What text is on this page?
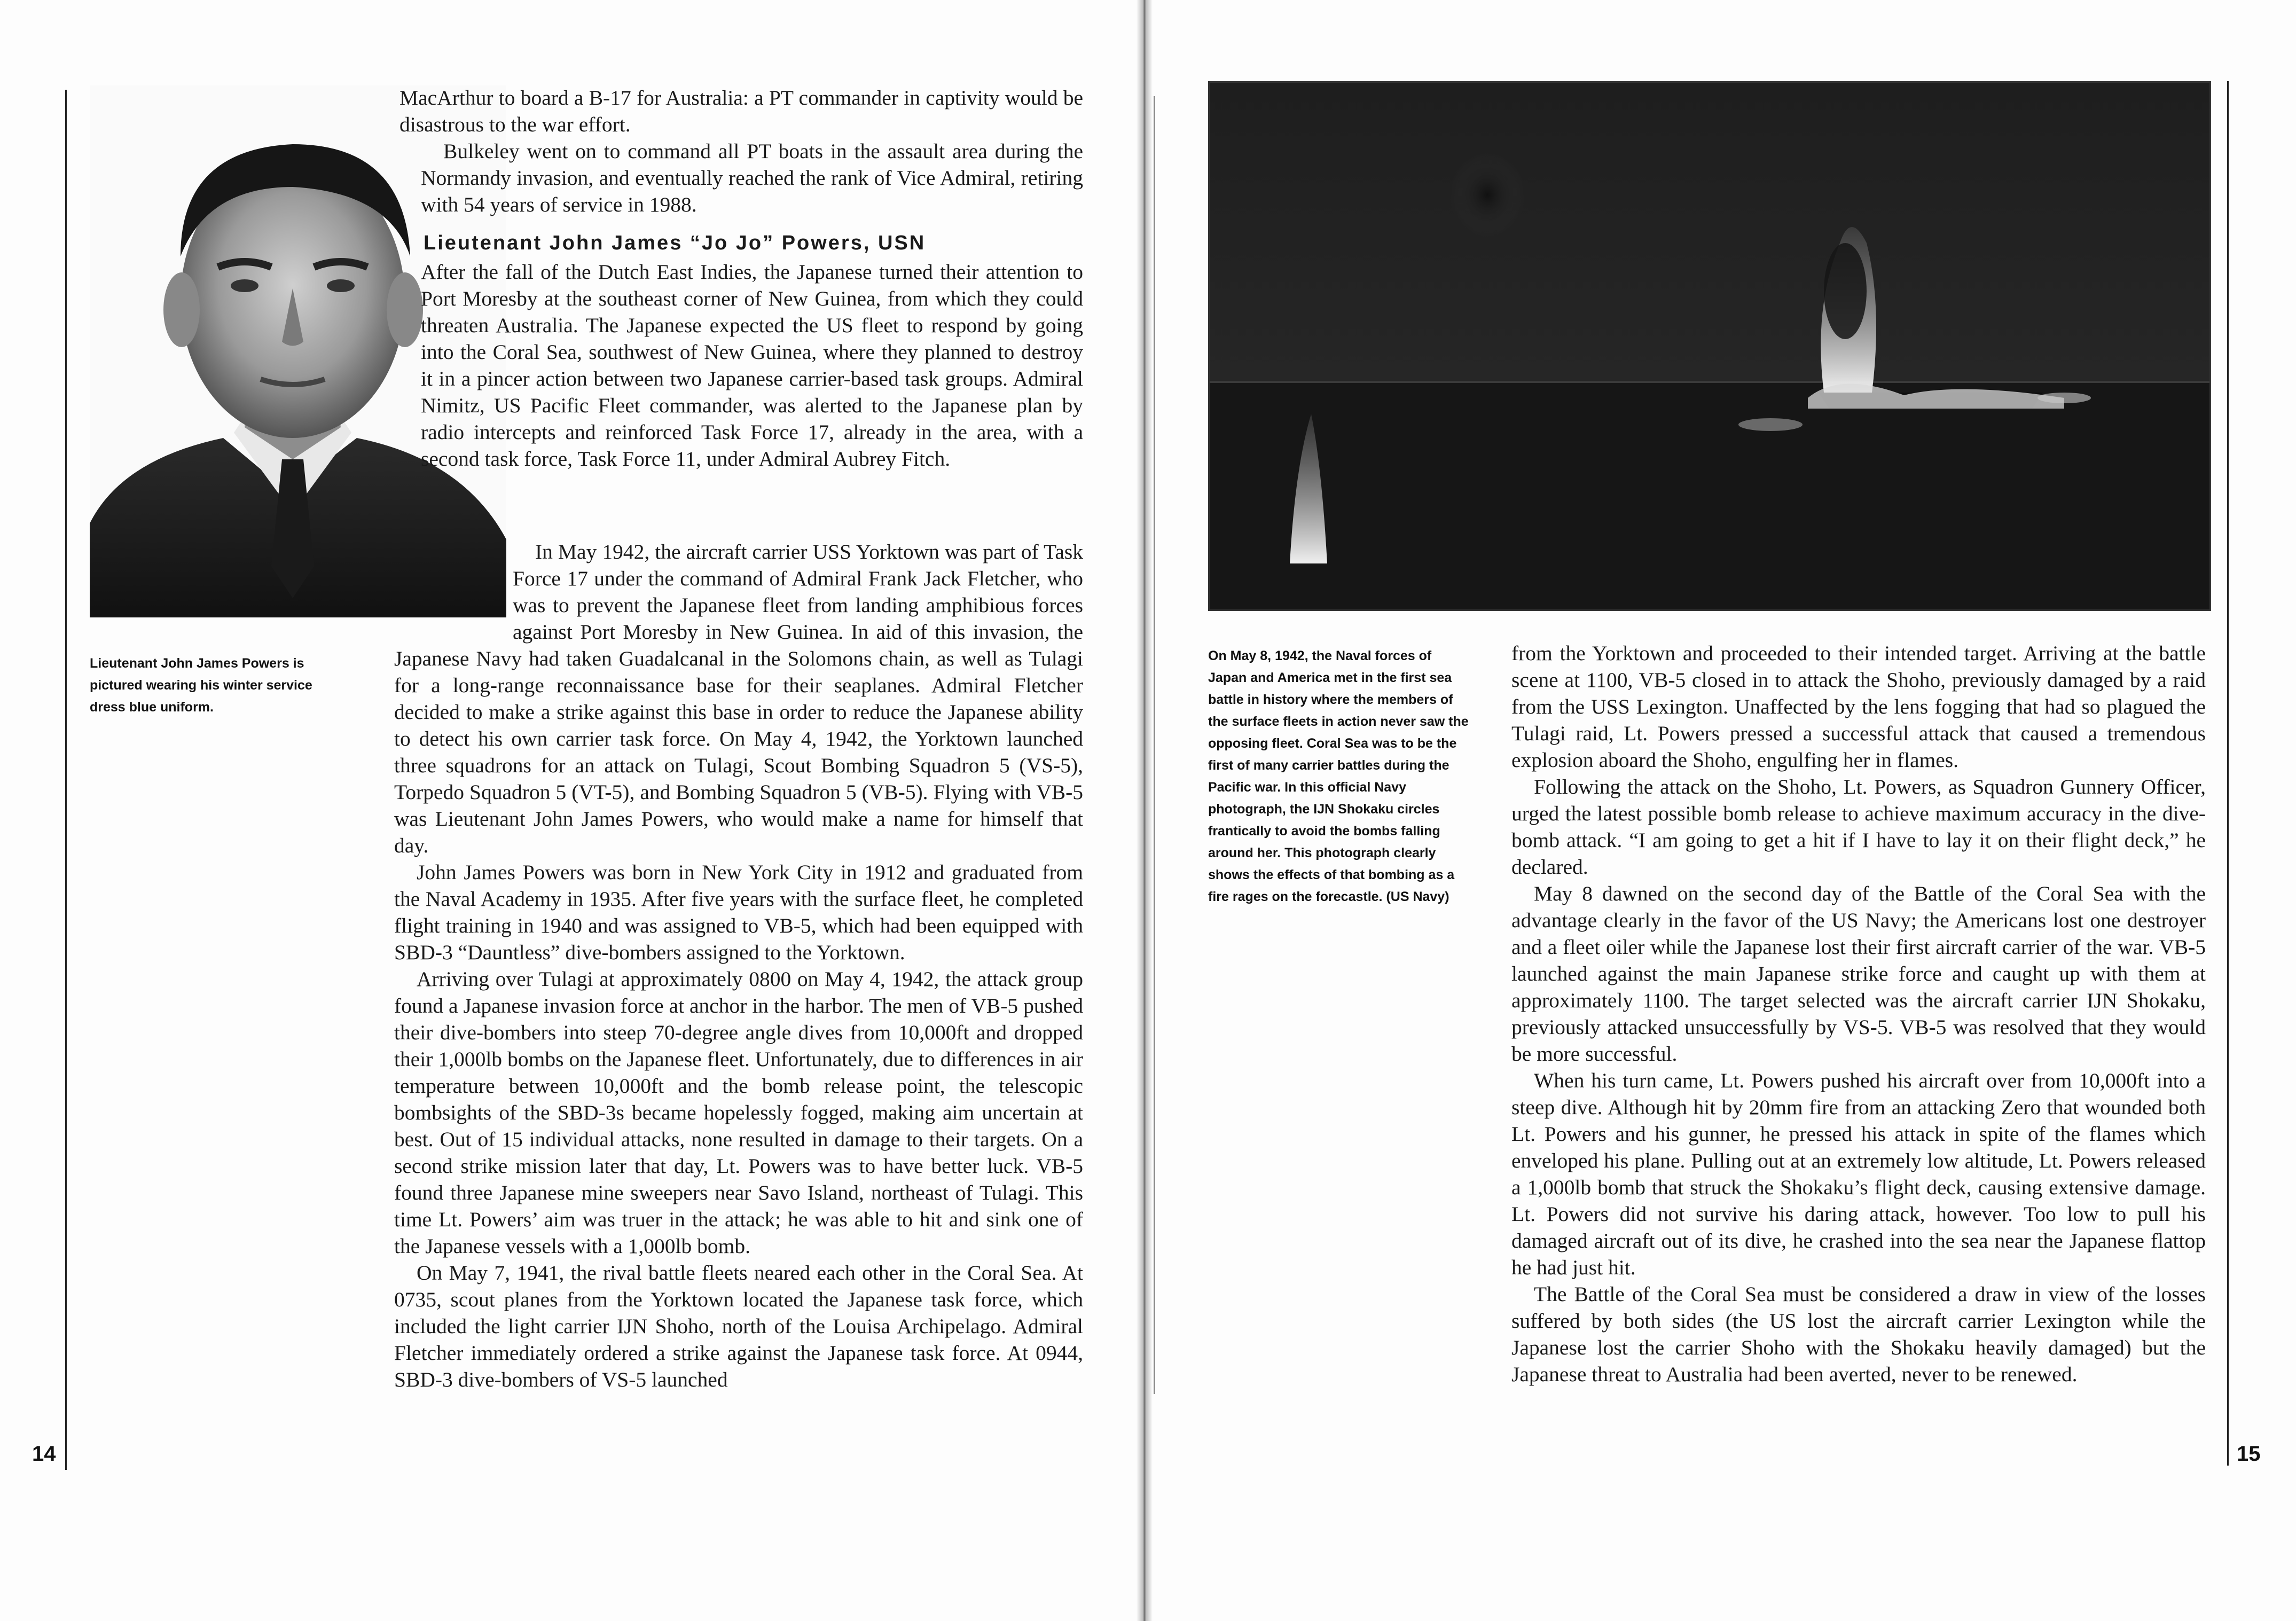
14
Lieutenant John James Powers is pictured wearing his winter service dress blue uniform.

MacArthur to board a B-17 for Australia: a PT commander in captivity would be disastrous to the war effort.

Bulkeley went on to command all PT boats in the assault area during the Normandy invasion, and eventually reached the rank of Vice Admiral, retiring with 54 years of service in 1988.

Lieutenant John James “Jo Jo” Powers, USN

After the fall of the Dutch East Indies, the Japanese turned their attention to Port Moresby at the southeast corner of New Guinea, from which they could threaten Australia. The Japanese expected the US fleet to respond by going into the Coral Sea, southwest of New Guinea, where they planned to destroy it in a pincer action between two Japanese carrier-based task groups. Admiral Nimitz, US Pacific Fleet commander, was alerted to the Japanese plan by radio intercepts and reinforced Task Force 17, already in the area, with a second task force, Task Force 11, under Admiral Aubrey Fitch.

In May 1942, the aircraft carrier USS Yorktown was part of Task Force 17 under the command of Admiral Frank Jack Fletcher, who was to prevent the Japanese fleet from landing amphibious forces against Port Moresby in New Guinea. In aid of this invasion, the Japanese Navy had taken Guadalcanal in the Solomons chain, as well as Tulagi for a long-range reconnaissance base for their seaplanes. Admiral Fletcher decided to make a strike against this base in order to reduce the Japanese ability to detect his own carrier task force. On May 4, 1942, the Yorktown launched three squadrons for an attack on Tulagi, Scout Bombing Squadron 5 (VS-5), Torpedo Squadron 5 (VT-5), and Bombing Squadron 5 (VB-5). Flying with VB-5 was Lieutenant John James Powers, who would make a name for himself that day.

John James Powers was born in New York City in 1912 and graduated from the Naval Academy in 1935. After five years with the surface fleet, he completed flight training in 1940 and was assigned to VB-5, which had been equipped with SBD-3 “Dauntless” dive-bombers assigned to the Yorktown.

Arriving over Tulagi at approximately 0800 on May 4, 1942, the attack group found a Japanese invasion force at anchor in the harbor. The men of VB-5 pushed their dive-bombers into steep 70-degree angle dives from 10,000ft and dropped their 1,000lb bombs on the Japanese fleet. Unfortunately, due to differences in air temperature between 10,000ft and the bomb release point, the telescopic bombsights of the SBD-3s became hopelessly fogged, making aim uncertain at best. Out of 15 individual attacks, none resulted in damage to their targets. On a second strike mission later that day, Lt. Powers was to have better luck. VB-5 found three Japanese mine sweepers near Savo Island, northeast of Tulagi. This time Lt. Powers’ aim was truer in the attack; he was able to hit and sink one of the Japanese vessels with a 1,000lb bomb.

On May 7, 1941, the rival battle fleets neared each other in the Coral Sea. At 0735, scout planes from the Yorktown located the Japanese task force, which included the light carrier IJN Shoho, north of the Louisa Archipelago. Admiral Fletcher immediately ordered a strike against the Japanese task force. At 0944, SBD-3 dive-bombers of VS-5 launched

15
On May 8, 1942, the Naval forces of Japan and America met in the first sea battle in history where the members of the surface fleets in action never saw the opposing fleet. Coral Sea was to be the first of many carrier battles during the Pacific war. In this official Navy photograph, the IJN Shokaku circles frantically to avoid the bombs falling around her. This photograph clearly shows the effects of that bombing as a fire rages on the forecastle. (US Navy)

from the Yorktown and proceeded to their intended target. Arriving at the battle scene at 1100, VB-5 closed in to attack the Shoho, previously damaged by a raid from the USS Lexington. Unaffected by the lens fogging that had so plagued the Tulagi raid, Lt. Powers pressed a successful attack that caused a tremendous explosion aboard the Shoho, engulfing her in flames.

Following the attack on the Shoho, Lt. Powers, as Squadron Gunnery Officer, urged the latest possible bomb release to achieve maximum accuracy in the dive-bomb attack. “I am going to get a hit if I have to lay it on their flight deck,” he declared.

May 8 dawned on the second day of the Battle of the Coral Sea with the advantage clearly in the favor of the US Navy; the Americans lost one destroyer and a fleet oiler while the Japanese lost their first aircraft carrier of the war. VB-5 launched against the main Japanese strike force and caught up with them at approximately 1100. The target selected was the aircraft carrier IJN Shokaku, previously attacked unsuccessfully by VS-5. VB-5 was resolved that they would be more successful.

When his turn came, Lt. Powers pushed his aircraft over from 10,000ft into a steep dive. Although hit by 20mm fire from an attacking Zero that wounded both Lt. Powers and his gunner, he pressed his attack in spite of the flames which enveloped his plane. Pulling out at an extremely low altitude, Lt. Powers released a 1,000lb bomb that struck the Shokaku’s flight deck, causing extensive damage. Lt. Powers did not survive his daring attack, however. Too low to pull his damaged aircraft out of its dive, he crashed into the sea near the Japanese flattop he had just hit.

The Battle of the Coral Sea must be considered a draw in view of the losses suffered by both sides (the US lost the aircraft carrier Lexington while the Japanese lost the carrier Shoho with the Shokaku heavily damaged) but the Japanese threat to Australia had been averted, never to be renewed.
